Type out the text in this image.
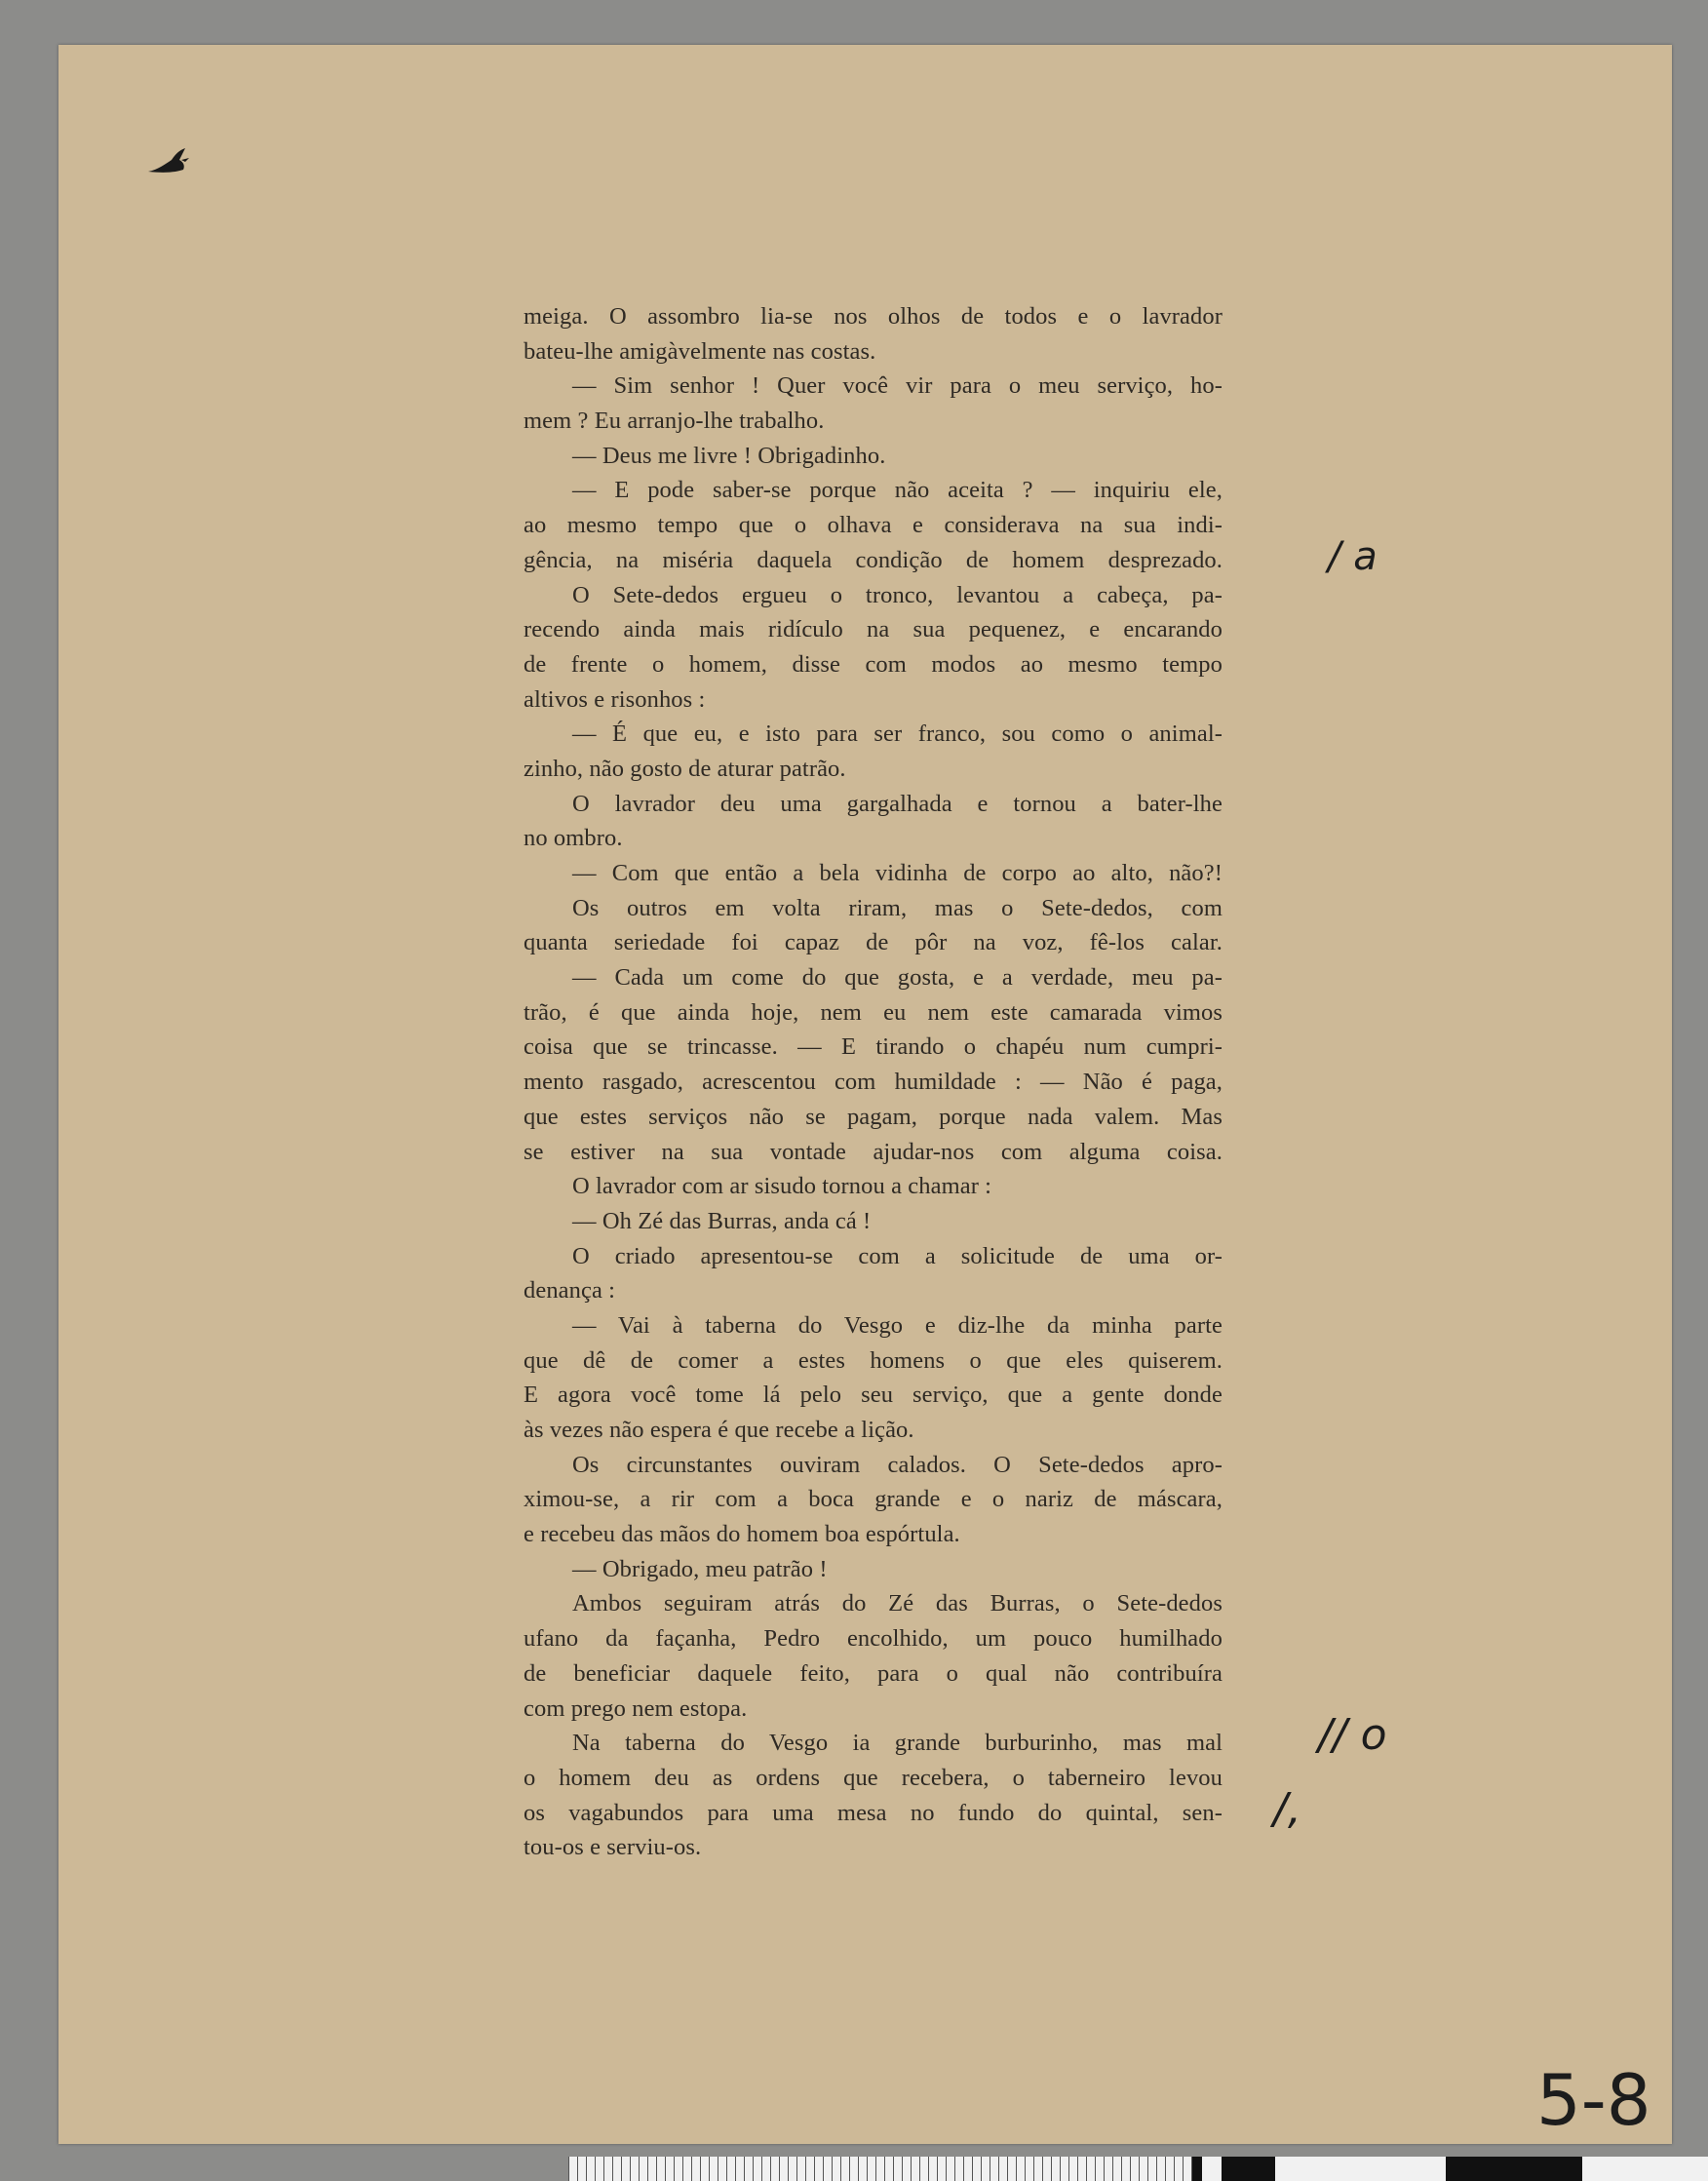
meiga. O assombro lia-se nos olhos de todos e o lavrador
bateu-lhe amigàvelmente nas costas.
— Sim senhor ! Quer você vir para o meu serviço, ho-
mem ? Eu arranjo-lhe trabalho.
— Deus me livre ! Obrigadinho.
— E pode saber-se porque não aceita ? — inquiriu ele,
ao mesmo tempo que o olhava e considerava na sua indi-
gência, na miséria daquela condição de homem desprezado.
O Sete-dedos ergueu o tronco, levantou a cabeça, pa-
recendo ainda mais ridículo na sua pequenez, e encarando
de frente o homem, disse com modos ao mesmo tempo
altivos e risonhos :
— É que eu, e isto para ser franco, sou como o animal-
zinho, não gosto de aturar patrão.
O lavrador deu uma gargalhada e tornou a bater-lhe
no ombro.
— Com que então a bela vidinha de corpo ao alto, não?!
Os outros em volta riram, mas o Sete-dedos, com
quanta seriedade foi capaz de pôr na voz, fê-los calar.
— Cada um come do que gosta, e a verdade, meu pa-
trão, é que ainda hoje, nem eu nem este camarada vimos
coisa que se trincasse. — E tirando o chapéu num cumpri-
mento rasgado, acrescentou com humildade : — Não é paga,
que estes serviços não se pagam, porque nada valem. Mas
se estiver na sua vontade ajudar-nos com alguma coisa.
O lavrador com ar sisudo tornou a chamar :
— Oh Zé das Burras, anda cá !
O criado apresentou-se com a solicitude de uma or-
denança :
— Vai à taberna do Vesgo e diz-lhe da minha parte
que dê de comer a estes homens o que eles quiserem.
E agora você tome lá pelo seu serviço, que a gente donde
às vezes não espera é que recebe a lição.
Os circunstantes ouviram calados. O Sete-dedos apro-
ximou-se, a rir com a boca grande e o nariz de máscara,
e recebeu das mãos do homem boa espórtula.
— Obrigado, meu patrão !
Ambos seguiram atrás do Zé das Burras, o Sete-dedos
ufano da façanha, Pedro encolhido, um pouco humilhado
de beneficiar daquele feito, para o qual não contribuíra
com prego nem estopa.
Na taberna do Vesgo ia grande burburinho, mas mal
o homem deu as ordens que recebera, o taberneiro levou
os vagabundos para uma mesa no fundo do quintal, sen-
tou-os e serviu-os.
/ a
// o
/,
5-8
